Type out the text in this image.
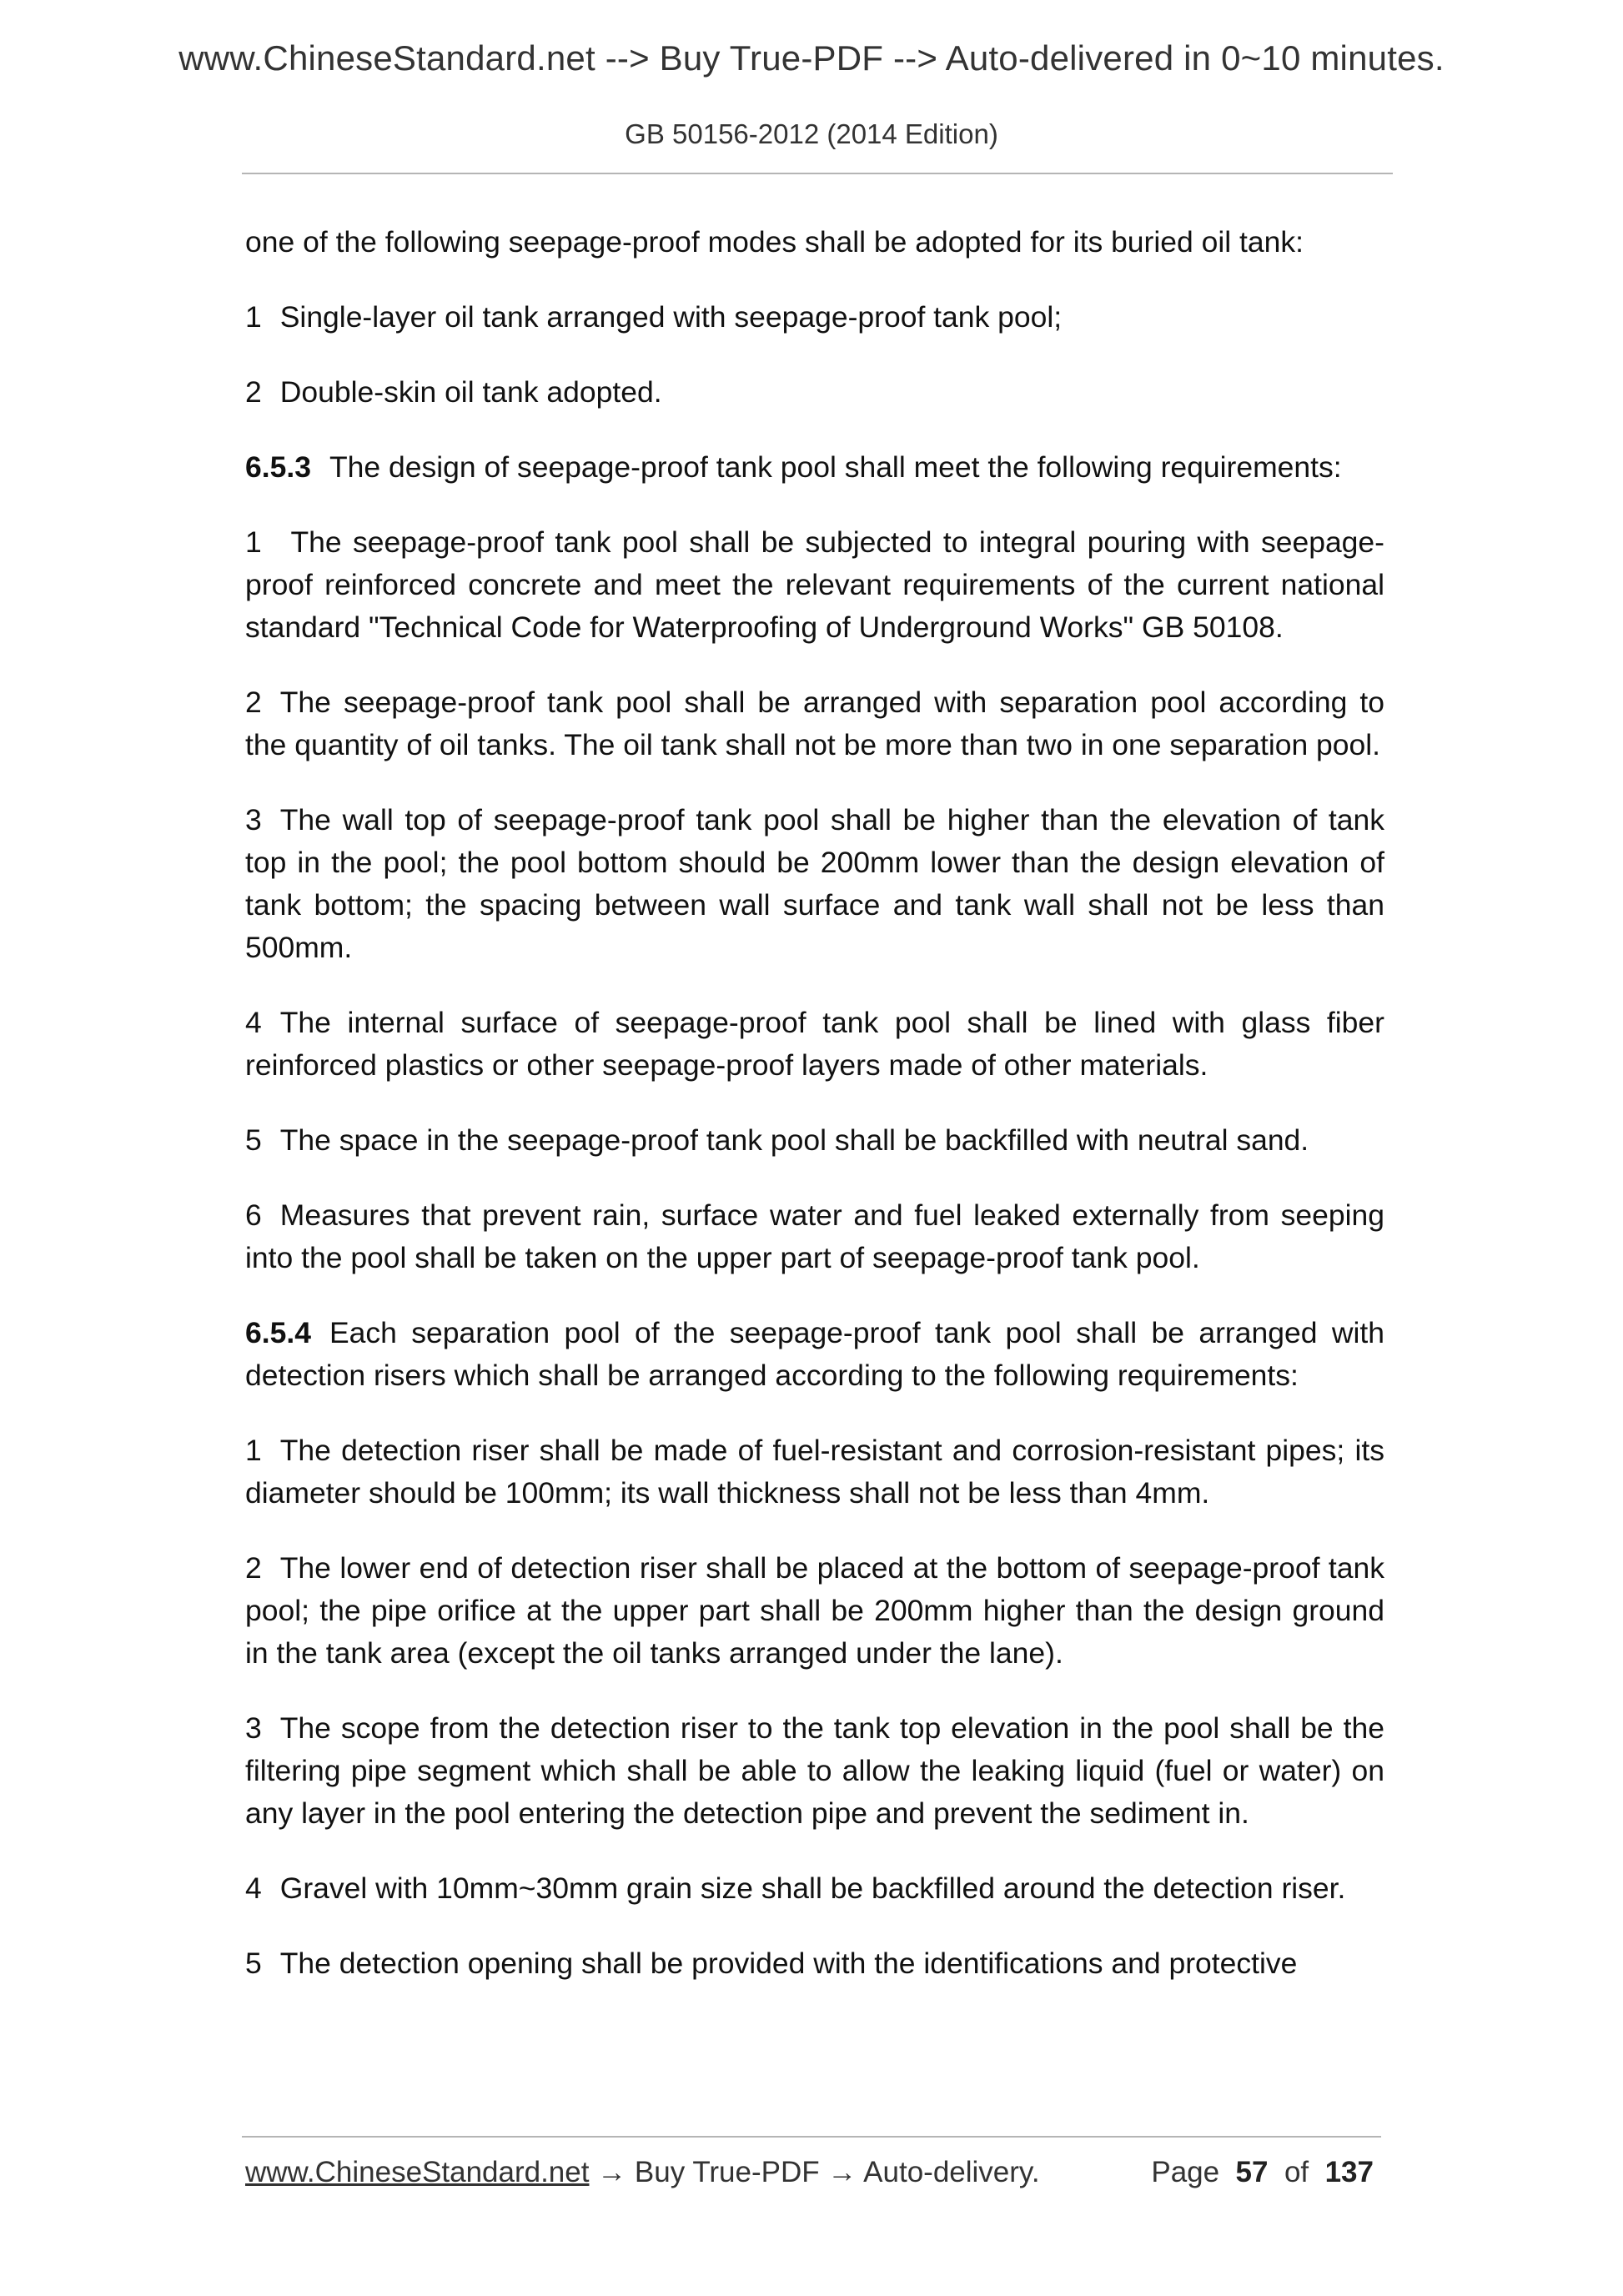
www.ChineseStandard.net --> Buy True-PDF --> Auto-delivered in 0~10 minutes.
GB 50156-2012 (2014 Edition)

one of the following seepage-proof modes shall be adopted for its buried oil tank:

1 Single-layer oil tank arranged with seepage-proof tank pool;

2 Double-skin oil tank adopted.

6.5.3 The design of seepage-proof tank pool shall meet the following requirements:

1 The seepage-proof tank pool shall be subjected to integral pouring with seepage-proof reinforced concrete and meet the relevant requirements of the current national standard "Technical Code for Waterproofing of Underground Works" GB 50108.

2 The seepage-proof tank pool shall be arranged with separation pool according to the quantity of oil tanks. The oil tank shall not be more than two in one separation pool.

3 The wall top of seepage-proof tank pool shall be higher than the elevation of tank top in the pool; the pool bottom should be 200mm lower than the design elevation of tank bottom; the spacing between wall surface and tank wall shall not be less than 500mm.

4 The internal surface of seepage-proof tank pool shall be lined with glass fiber reinforced plastics or other seepage-proof layers made of other materials.

5 The space in the seepage-proof tank pool shall be backfilled with neutral sand.

6 Measures that prevent rain, surface water and fuel leaked externally from seeping into the pool shall be taken on the upper part of seepage-proof tank pool.

6.5.4 Each separation pool of the seepage-proof tank pool shall be arranged with detection risers which shall be arranged according to the following requirements:

1 The detection riser shall be made of fuel-resistant and corrosion-resistant pipes; its diameter should be 100mm; its wall thickness shall not be less than 4mm.

2 The lower end of detection riser shall be placed at the bottom of seepage-proof tank pool; the pipe orifice at the upper part shall be 200mm higher than the design ground in the tank area (except the oil tanks arranged under the lane).

3 The scope from the detection riser to the tank top elevation in the pool shall be the filtering pipe segment which shall be able to allow the leaking liquid (fuel or water) on any layer in the pool entering the detection pipe and prevent the sediment in.

4 Gravel with 10mm~30mm grain size shall be backfilled around the detection riser.

5 The detection opening shall be provided with the identifications and protective

www.ChineseStandard.net → Buy True-PDF → Auto-delivery.	Page 57 of 137
